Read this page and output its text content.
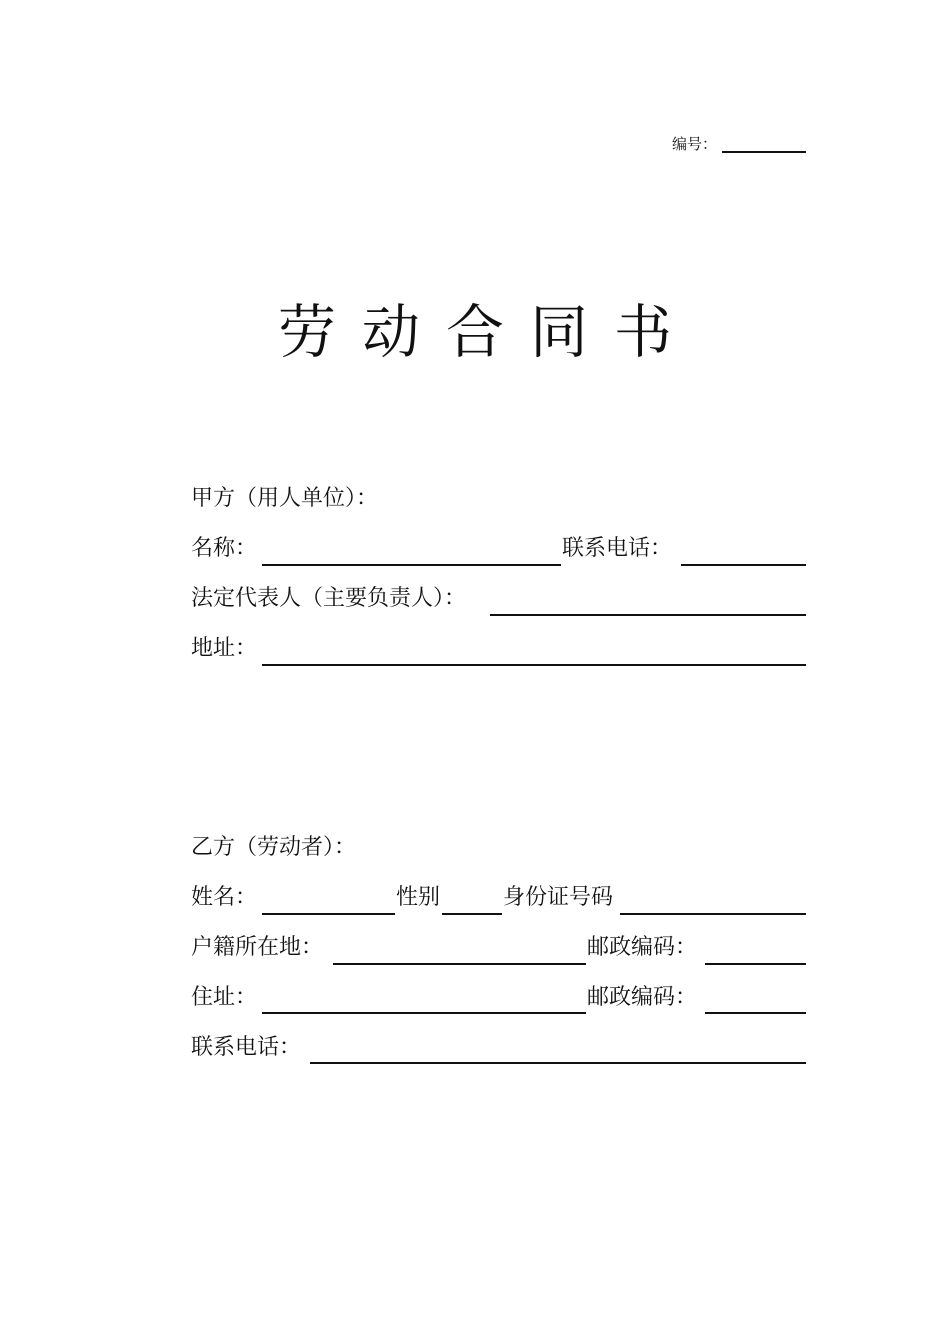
编号：
劳动合同书
甲方（用人单位）：
名称：	联系电话：
法定代表人（主要负责人）：
地址：
乙方（劳动者）：
姓名：	性别	身份证号码
户籍所在地：	邮政编码：
住址：	邮政编码：
联系电话：
